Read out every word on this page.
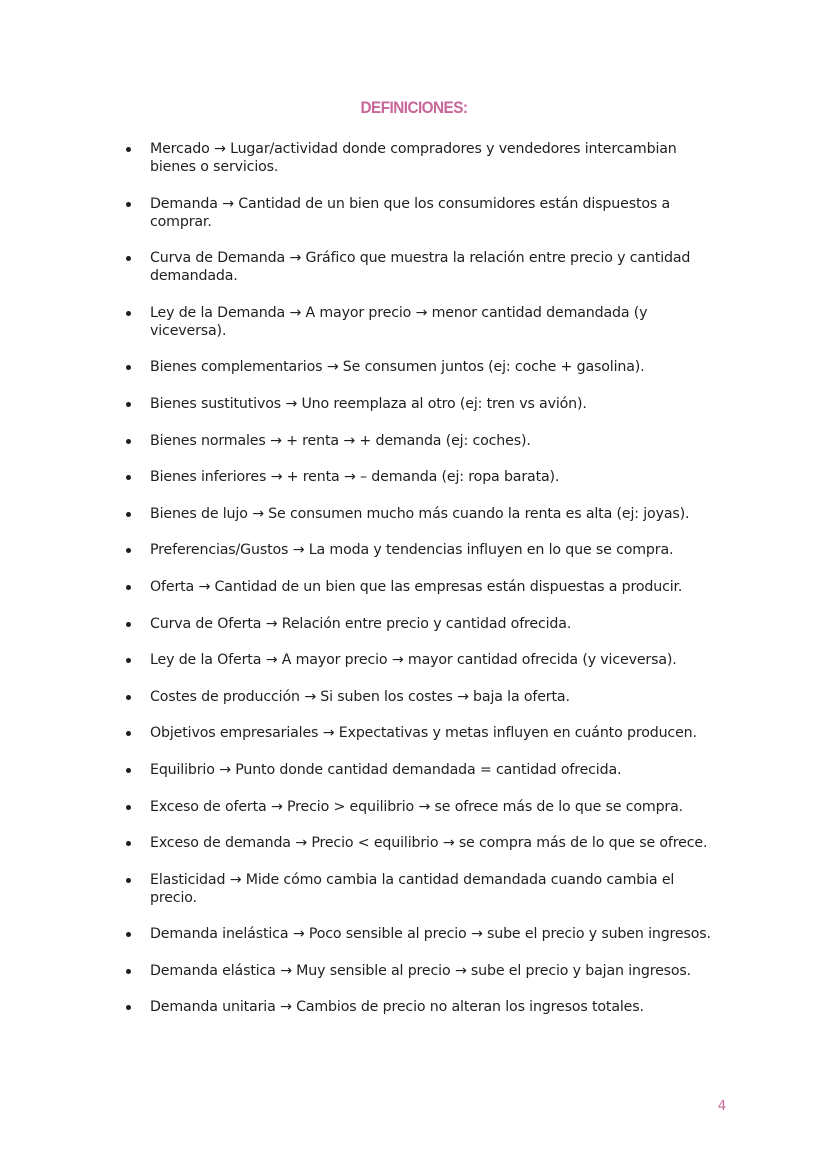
DEFINICIONES:
Mercado → Lugar/actividad donde compradores y vendedores intercambian bienes o servicios.
Demanda → Cantidad de un bien que los consumidores están dispuestos a comprar.
Curva de Demanda → Gráfico que muestra la relación entre precio y cantidad demandada.
Ley de la Demanda → A mayor precio → menor cantidad demandada (y viceversa).
Bienes complementarios → Se consumen juntos (ej: coche + gasolina).
Bienes sustitutivos → Uno reemplaza al otro (ej: tren vs avión).
Bienes normales → + renta → + demanda (ej: coches).
Bienes inferiores → + renta → – demanda (ej: ropa barata).
Bienes de lujo → Se consumen mucho más cuando la renta es alta (ej: joyas).
Preferencias/Gustos → La moda y tendencias influyen en lo que se compra.
Oferta → Cantidad de un bien que las empresas están dispuestas a producir.
Curva de Oferta → Relación entre precio y cantidad ofrecida.
Ley de la Oferta → A mayor precio → mayor cantidad ofrecida (y viceversa).
Costes de producción → Si suben los costes → baja la oferta.
Objetivos empresariales → Expectativas y metas influyen en cuánto producen.
Equilibrio → Punto donde cantidad demandada = cantidad ofrecida.
Exceso de oferta → Precio > equilibrio → se ofrece más de lo que se compra.
Exceso de demanda → Precio < equilibrio → se compra más de lo que se ofrece.
Elasticidad → Mide cómo cambia la cantidad demandada cuando cambia el precio.
Demanda inelástica → Poco sensible al precio → sube el precio y suben ingresos.
Demanda elástica → Muy sensible al precio → sube el precio y bajan ingresos.
Demanda unitaria → Cambios de precio no alteran los ingresos totales.
4
